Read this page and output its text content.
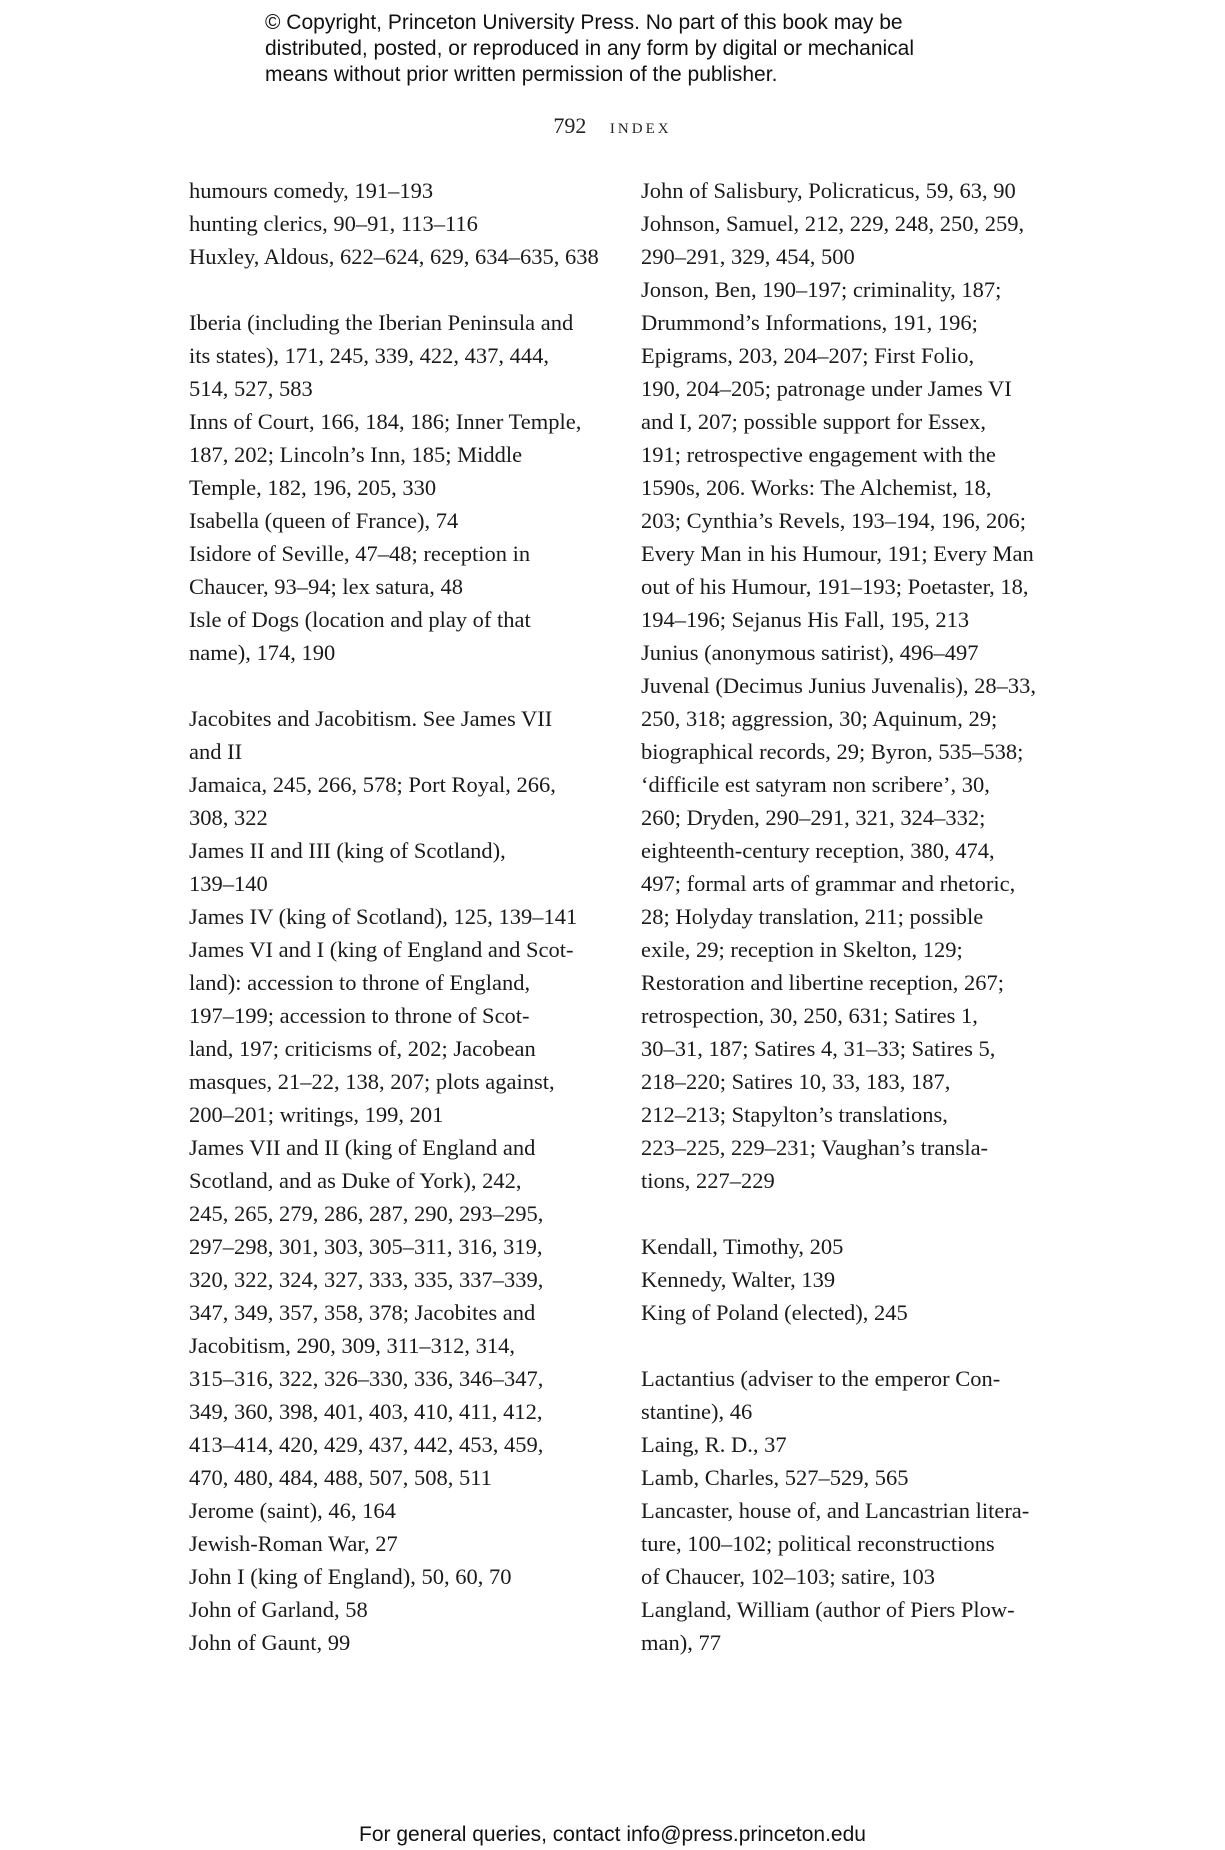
© Copyright, Princeton University Press. No part of this book may be
distributed, posted, or reproduced in any form by digital or mechanical
means without prior written permission of the publisher.
792 index
humours comedy, 191–193
hunting clerics, 90–91, 113–116
Huxley, Aldous, 622–624, 629, 634–635, 638
Iberia (including the Iberian Peninsula and
its states), 171, 245, 339, 422, 437, 444,
514, 527, 583
Inns of Court, 166, 184, 186; Inner Temple,
187, 202; Lincoln’s Inn, 185; Middle
Temple, 182, 196, 205, 330
Isabella (queen of France), 74
Isidore of Seville, 47–48; reception in
Chaucer, 93–94; lex satura, 48
Isle of Dogs (location and play of that
name), 174, 190
Jacobites and Jacobitism. See James VII
and II
Jamaica, 245, 266, 578; Port Royal, 266,
308, 322
James II and III (king of Scotland),
139–140
James IV (king of Scotland), 125, 139–141
James VI and I (king of England and Scot-
land): accession to throne of England,
197–199; accession to throne of Scot-
land, 197; criticisms of, 202; Jacobean
masques, 21–22, 138, 207; plots against,
200–201; writings, 199, 201
James VII and II (king of England and
Scotland, and as Duke of York), 242,
245, 265, 279, 286, 287, 290, 293–295,
297–298, 301, 303, 305–311, 316, 319,
320, 322, 324, 327, 333, 335, 337–339,
347, 349, 357, 358, 378; Jacobites and
Jacobitism, 290, 309, 311–312, 314,
315–316, 322, 326–330, 336, 346–347,
349, 360, 398, 401, 403, 410, 411, 412,
413–414, 420, 429, 437, 442, 453, 459,
470, 480, 484, 488, 507, 508, 511
Jerome (saint), 46, 164
Jewish-Roman War, 27
John I (king of England), 50, 60, 70
John of Garland, 58
John of Gaunt, 99
John of Salisbury, Policraticus, 59, 63, 90
Johnson, Samuel, 212, 229, 248, 250, 259,
290–291, 329, 454, 500
Jonson, Ben, 190–197; criminality, 187;
Drummond’s Informations, 191, 196;
Epigrams, 203, 204–207; First Folio,
190, 204–205; patronage under James VI
and I, 207; possible support for Essex,
191; retrospective engagement with the
1590s, 206. Works: The Alchemist, 18,
203; Cynthia’s Revels, 193–194, 196, 206;
Every Man in his Humour, 191; Every Man
out of his Humour, 191–193; Poetaster, 18,
194–196; Sejanus His Fall, 195, 213
Junius (anonymous satirist), 496–497
Juvenal (Decimus Junius Juvenalis), 28–33,
250, 318; aggression, 30; Aquinum, 29;
biographical records, 29; Byron, 535–538;
‘difficile est satyram non scribere’, 30,
260; Dryden, 290–291, 321, 324–332;
eighteenth-century reception, 380, 474,
497; formal arts of grammar and rhetoric,
28; Holyday translation, 211; possible
exile, 29; reception in Skelton, 129;
Restoration and libertine reception, 267;
retrospection, 30, 250, 631; Satires 1,
30–31, 187; Satires 4, 31–33; Satires 5,
218–220; Satires 10, 33, 183, 187,
212–213; Stapylton’s translations,
223–225, 229–231; Vaughan’s transla-
tions, 227–229
Kendall, Timothy, 205
Kennedy, Walter, 139
King of Poland (elected), 245
Lactantius (adviser to the emperor Con-
stantine), 46
Laing, R. D., 37
Lamb, Charles, 527–529, 565
Lancaster, house of, and Lancastrian litera-
ture, 100–102; political reconstructions
of Chaucer, 102–103; satire, 103
Langland, William (author of Piers Plow-
man), 77
For general queries, contact info@press.princeton.edu
